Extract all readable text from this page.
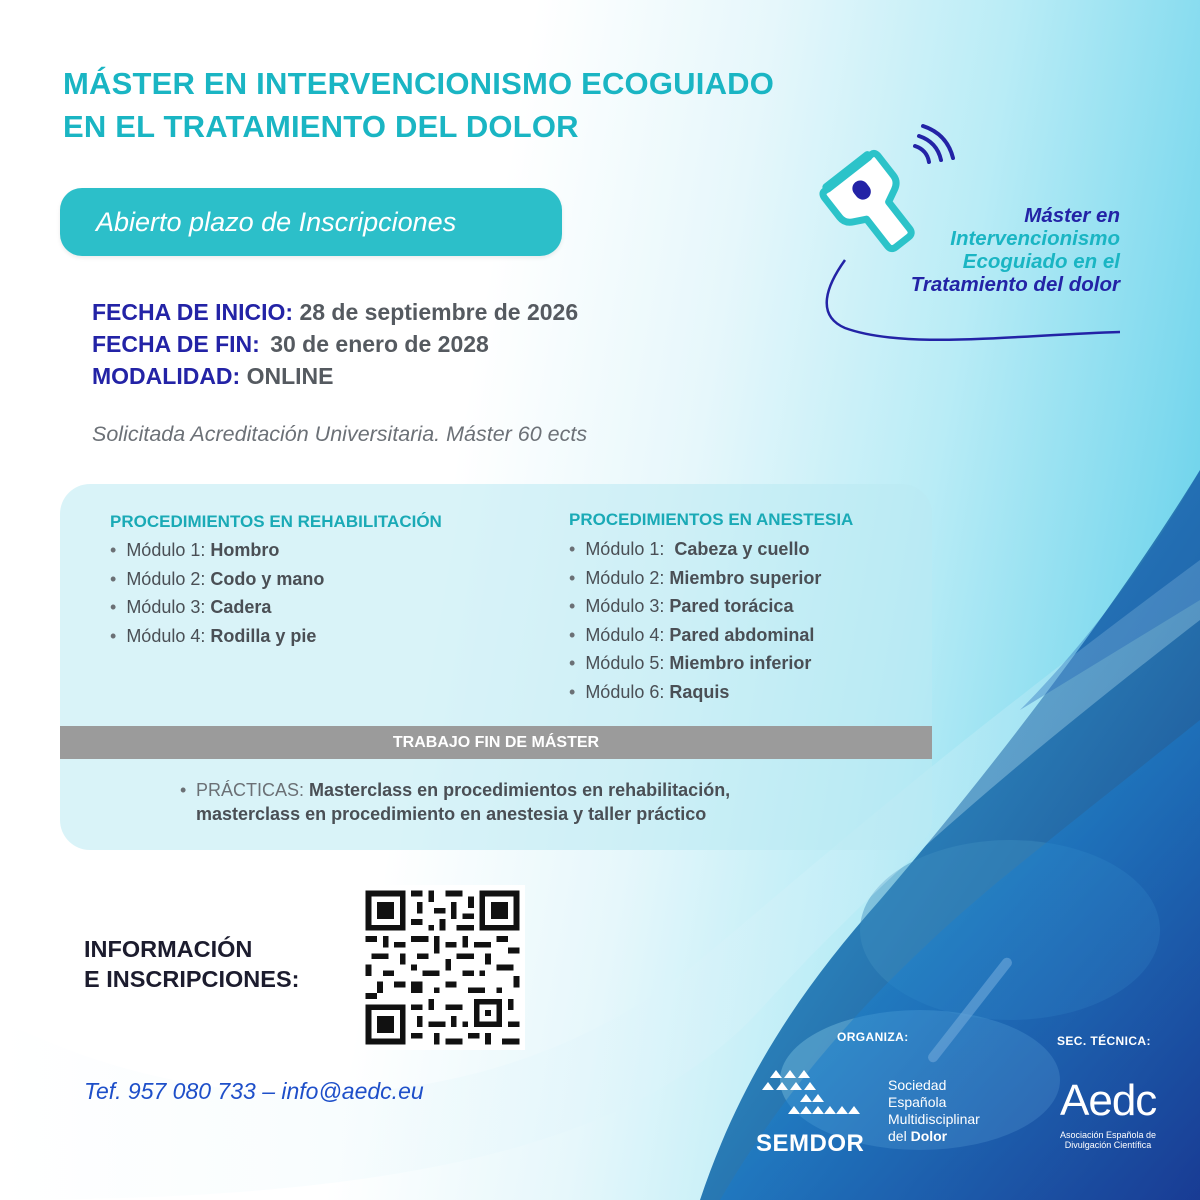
MÁSTER EN INTERVENCIONISMO ECOGUIADO
EN EL TRATAMIENTO DEL DOLOR
Abierto plazo de Inscripciones
FECHA DE INICIO: 28 de septiembre de 2026
FECHA DE FIN: 30 de enero de 2028
MODALIDAD: ONLINE
Solicitada Acreditación Universitaria. Máster 60 ects
Máster en
Intervencionismo
Ecoguiado en el
Tratamiento del dolor
PROCEDIMIENTOS EN REHABILITACIÓN
• Módulo 1: Hombro
• Módulo 2: Codo y mano
• Módulo 3: Cadera
• Módulo 4: Rodilla y pie
PROCEDIMIENTOS EN ANESTESIA
• Módulo 1: Cabeza y cuello
• Módulo 2: Miembro superior
• Módulo 3: Pared torácica
• Módulo 4: Pared abdominal
• Módulo 5: Miembro inferior
• Módulo 6: Raquis
TRABAJO FIN DE MÁSTER
• PRÁCTICAS: Masterclass en procedimientos en rehabilitación,
masterclass en procedimiento en anestesia y taller práctico
INFORMACIÓN
E INSCRIPCIONES:
Tef. 957 080 733 – info@aedc.eu
ORGANIZA:	SEC. TÉCNICA:
SEMDOR
Sociedad
Española
Multidisciplinar
del Dolor
Aedc
Asociación Española de
Divulgación Científica
